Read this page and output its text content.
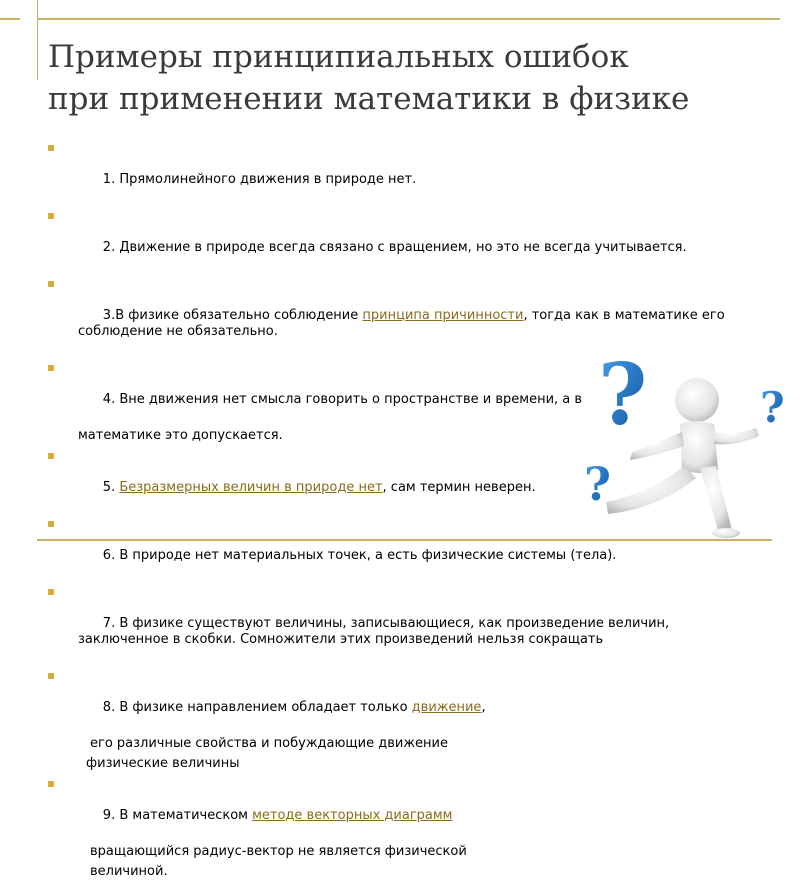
Примеры принципиальных ошибок
при применении математики в физике

1. Прямолинейного движения в природе нет.

2. Движение в природе всегда связано с вращением, но это не всегда учитывается.

3.В физике обязательно соблюдение принципа причинности, тогда как в математике его соблюдение не обязательно.

4. Вне движения нет смысла говорить о пространстве и времени, а в

математике это допускается.

5. Безразмерных величин в природе нет, сам термин неверен.

6. В природе нет материальных точек, а есть физические системы (тела).

7. В физике существуют величины, записывающиеся, как произведение величин, заключенное в скобки. Сомножители этих произведений нельзя сокращать

8. В физике направлением обладает только движение,

его различные свойства и побуждающие движение
физические величины

9. В математическом методе векторных диаграмм

вращающийся радиус-вектор не является физической
величиной.
?	?
?
